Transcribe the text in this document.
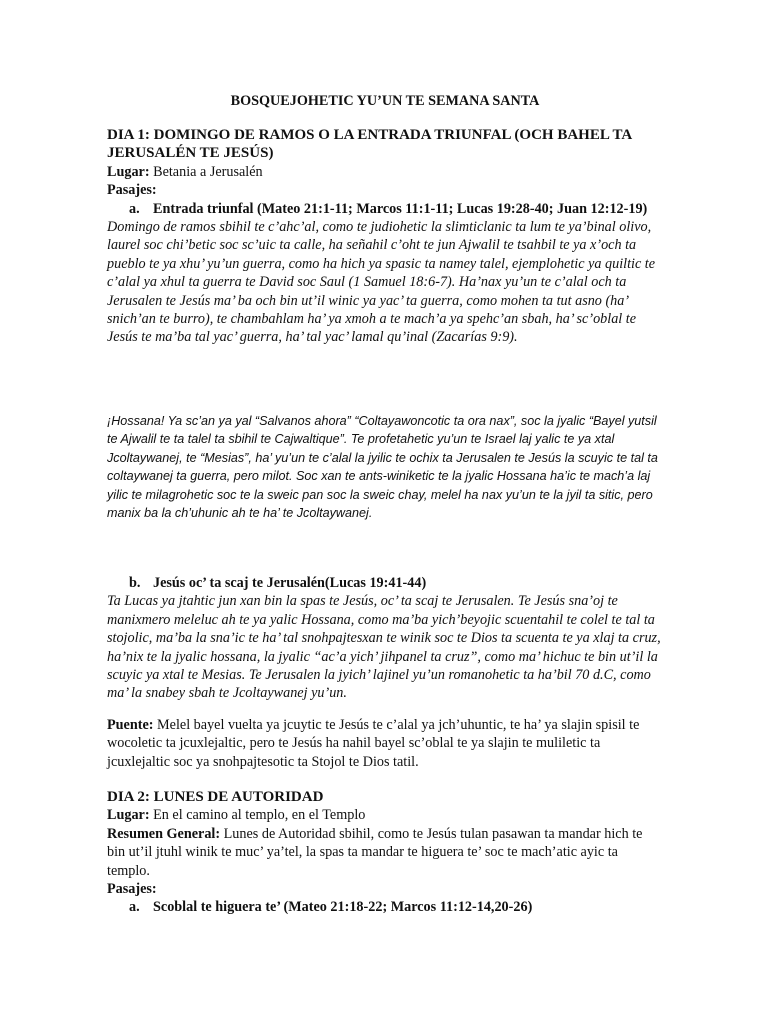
BOSQUEJOHETIC YU’UN TE SEMANA SANTA
DIA 1: DOMINGO DE RAMOS O LA ENTRADA TRIUNFAL (OCH BAHEL TA JERUSALÉN TE JESÚS)
Lugar: Betania a Jerusalén
Pasajes:
a. Entrada triunfal (Mateo 21:1-11; Marcos 11:1-11; Lucas 19:28-40; Juan 12:12-19)
Domingo de ramos sbihil te c’ahc’al, como te judiohetic la slimticlanic ta lum te ya’binal olivo, laurel soc chi’betic soc sc’uic ta calle, ha señahil c’oht te jun Ajwalil te tsahbil te ya x’och ta pueblo te ya xhu’ yu’un guerra, como ha hich ya spasic ta namey talel, ejemplohetic ya quiltic te c’alal ya xhul ta guerra te David soc Saul (1 Samuel 18:6-7). Ha’nax yu’un te c’alal och ta Jerusalen te Jesús ma’ ba och bin ut’il winic ya yac’ ta guerra, como mohen ta tut asno (ha’ snich’an te burro), te chambahlam ha’ ya xmoh a te mach’a ya spehc’an sbah, ha’ sc’oblal te Jesús te ma’ba tal yac’ guerra, ha’ tal yac’ lamal qu’inal (Zacarías 9:9).
¡Hossana! Ya sc’an ya yal “Salvanos ahora” “Coltayawoncotic ta ora nax”, soc la jyalic “Bayel yutsil te Ajwalil te ta talel ta sbihil te Cajwaltique”. Te profetahetic yu’un te Israel laj yalic te ya xtal Jcoltaywanej, te “Mesias”, ha’ yu’un te c’alal la jyilic te ochix ta Jerusalen te Jesús la scuyic te tal ta coltaywanej ta guerra, pero milot. Soc xan te ants-winiketic te la jyalic Hossana ha’ic te mach’a laj yilic te milagrohetic soc te la sweic pan soc la sweic chay, melel ha nax yu’un te la jyil ta sitic, pero manix ba la ch’uhunic ah te ha’ te Jcoltaywanej.
b. Jesús oc’ ta scaj te Jerusalén(Lucas 19:41-44)
Ta Lucas ya jtahtic jun xan bin la spas te Jesús, oc’ ta scaj te Jerusalen. Te Jesús sna’oj te manixmero meleluc ah te ya yalic Hossana, como ma’ba yich’beyojic scuentahil te colel te tal ta stojolic, ma’ba la sna’ic te ha’ tal snohpajtesxan te winik soc te Dios ta scuenta te ya xlaj ta cruz, ha’nix te la jyalic hossana, la jyalic “ac’a yich’ jihpanel ta cruz”, como ma’ hichuc te bin ut’il la scuyic ya xtal te Mesias. Te Jerusalen la jyich’ lajinel yu’un romanohetic ta ha’bil 70 d.C, como ma’ la snabey sbah te Jcoltaywanej yu’un.
Puente: Melel bayel vuelta ya jcuytic te Jesús te c’alal ya jch’uhuntic, te ha’ ya slajin spisil te wocoletic ta jcuxlejaltic, pero te Jesús ha nahil bayel sc’oblal te ya slajin te muliletic ta jcuxlejaltic soc ya snohpajtesotic ta Stojol te Dios tatil.
DIA 2: LUNES DE AUTORIDAD
Lugar: En el camino al templo, en el Templo
Resumen General: Lunes de Autoridad sbihil, como te Jesús tulan pasawan ta mandar hich te bin ut’il jtuhl winik te muc’ ya’tel, la spas ta mandar te higuera te’ soc te mach’atic ayic ta templo.
Pasajes:
a. Scoblal te higuera te’ (Mateo 21:18-22; Marcos 11:12-14,20-26)
